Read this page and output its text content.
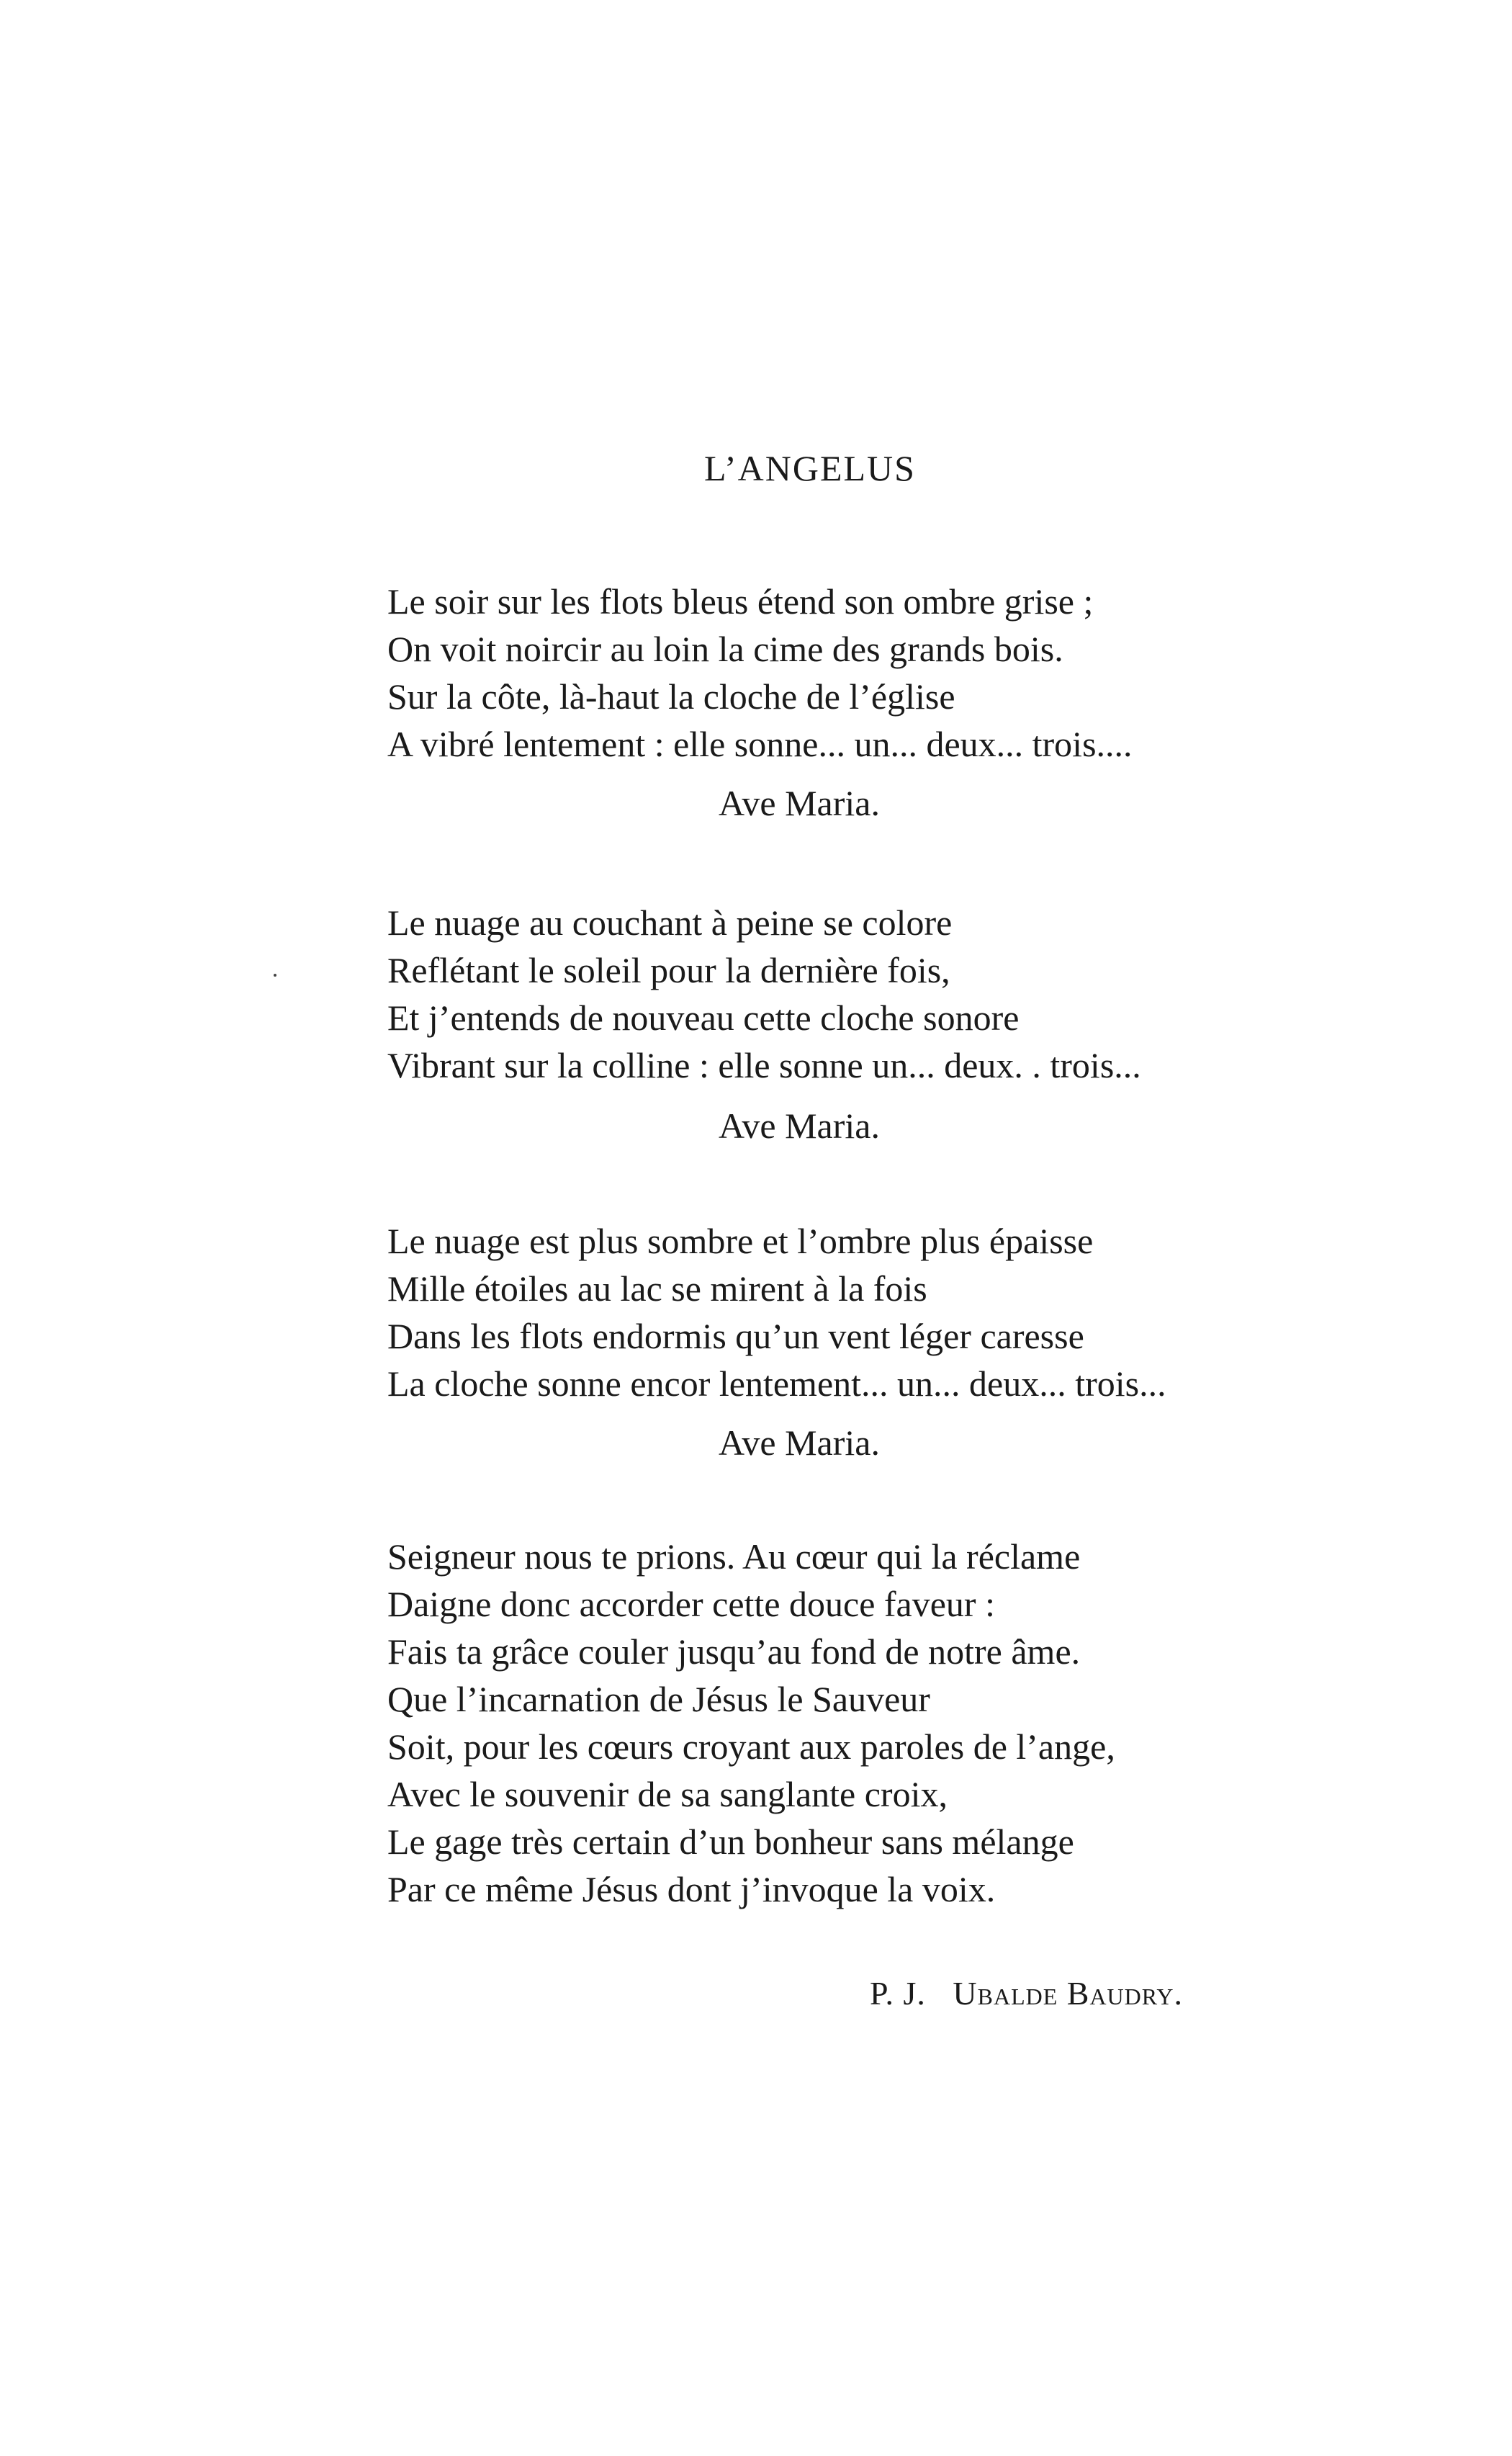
L’ANGELUS
Le soir sur les flots bleus étend son ombre grise ;
On voit noircir au loin la cime des grands bois.
Sur la côte, là-haut la cloche de l’église
A vibré lentement : elle sonne... un... deux... trois....
Ave Maria.
Le nuage au couchant à peine se colore
Reflétant le soleil pour la dernière fois,
Et j’entends de nouveau cette cloche sonore
Vibrant sur la colline : elle sonne un... deux. . trois...
Ave Maria.
Le nuage est plus sombre et l’ombre plus épaisse
Mille étoiles au lac se mirent à la fois
Dans les flots endormis qu’un vent léger caresse
La cloche sonne encor lentement... un... deux... trois...
Ave Maria.
Seigneur nous te prions. Au cœur qui la réclame
Daigne donc accorder cette douce faveur :
Fais ta grâce couler jusqu’au fond de notre âme.
Que l’incarnation de Jésus le Sauveur
Soit, pour les cœurs croyant aux paroles de l’ange,
Avec le souvenir de sa sanglante croix,
Le gage très certain d’un bonheur sans mélange
Par ce même Jésus dont j’invoque la voix.
P. J. Ubalde Baudry.
